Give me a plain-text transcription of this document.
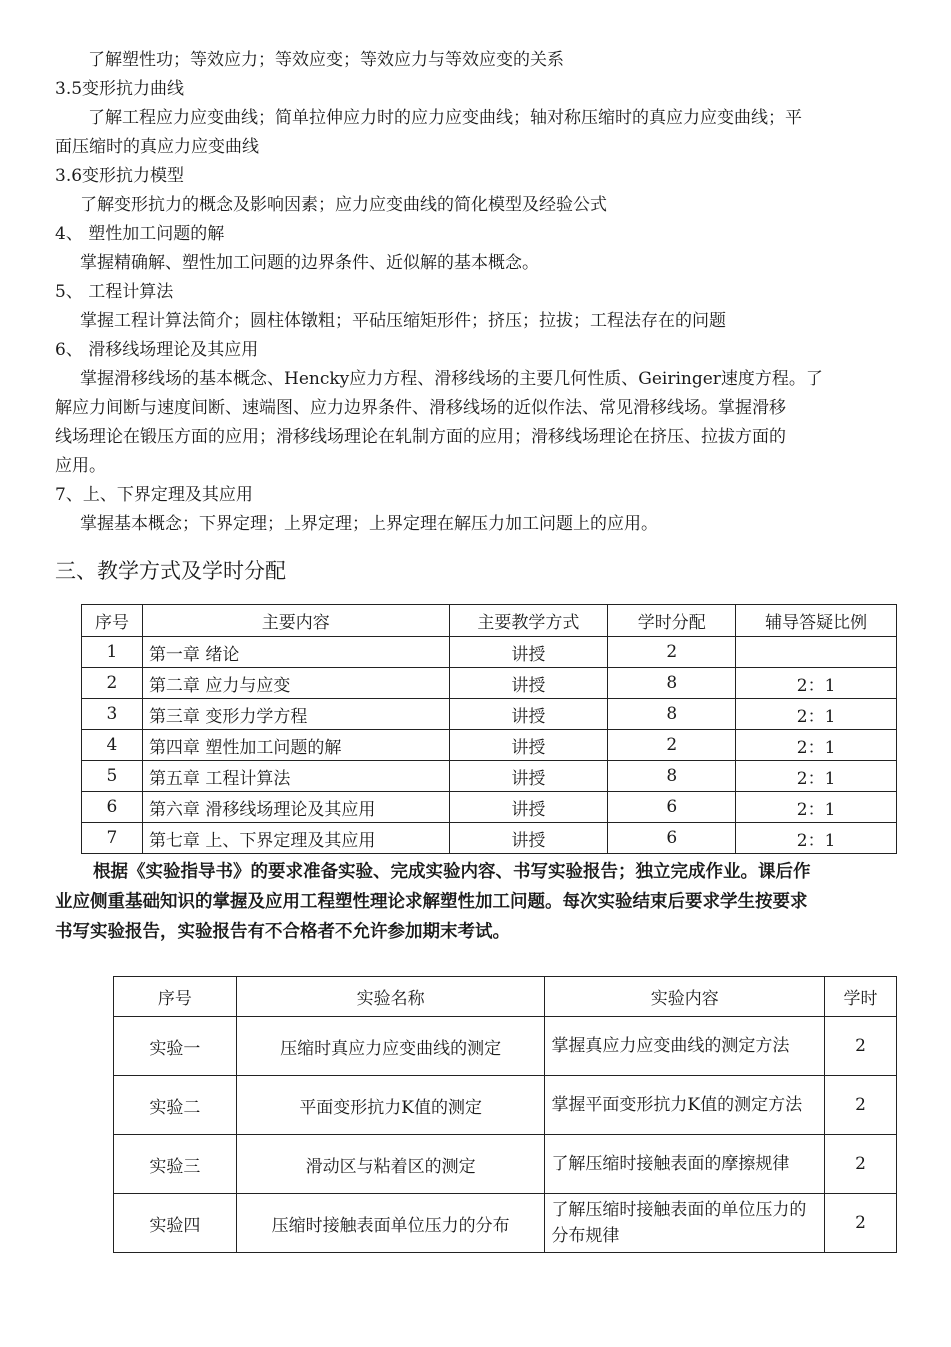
了解塑性功；等效应力；等效应变；等效应力与等效应变的关系
3.5变形抗力曲线
了解工程应力应变曲线；简单拉伸应力时的应力应变曲线；轴对称压缩时的真应力应变曲线；平
面压缩时的真应力应变曲线
3.6变形抗力模型
了解变形抗力的概念及影响因素；应力应变曲线的简化模型及经验公式
4、 塑性加工问题的解
掌握精确解、塑性加工问题的边界条件、近似解的基本概念。
5、 工程计算法
掌握工程计算法简介；圆柱体镦粗；平砧压缩矩形件；挤压；拉拔；工程法存在的问题
6、 滑移线场理论及其应用
掌握滑移线场的基本概念、Hencky应力方程、滑移线场的主要几何性质、Geiringer速度方程。了
解应力间断与速度间断、速端图、应力边界条件、滑移线场的近似作法、常见滑移线场。掌握滑移
线场理论在锻压方面的应用；滑移线场理论在轧制方面的应用；滑移线场理论在挤压、拉拔方面的
应用。
7、上、下界定理及其应用
掌握基本概念；下界定理；上界定理；上界定理在解压力加工问题上的应用。
三、教学方式及学时分配
序号	主要内容	主要教学方式	学时分配	辅导答疑比例
1	第一章 绪论	讲授	2	
2	第二章 应力与应变	讲授	8	2：1
3	第三章 变形力学方程	讲授	8	2：1
4	第四章 塑性加工问题的解	讲授	2	2：1
5	第五章 工程计算法	讲授	8	2：1
6	第六章 滑移线场理论及其应用	讲授	6	2：1
7	第七章 上、下界定理及其应用	讲授	6	2：1
根据《实验指导书》的要求准备实验、完成实验内容、书写实验报告；独立完成作业。课后作
业应侧重基础知识的掌握及应用工程塑性理论求解塑性加工问题。每次实验结束后要求学生按要求
书写实验报告，实验报告有不合格者不允许参加期末考试。
序号	实验名称	实验内容	学时
实验一	压缩时真应力应变曲线的测定	掌握真应力应变曲线的测定方法	2
实验二	平面变形抗力K值的测定	掌握平面变形抗力K值的测定方法	2
实验三	滑动区与粘着区的测定	了解压缩时接触表面的摩擦规律	2
实验四	压缩时接触表面单位压力的分布	了解压缩时接触表面的单位压力的分布规律	2
